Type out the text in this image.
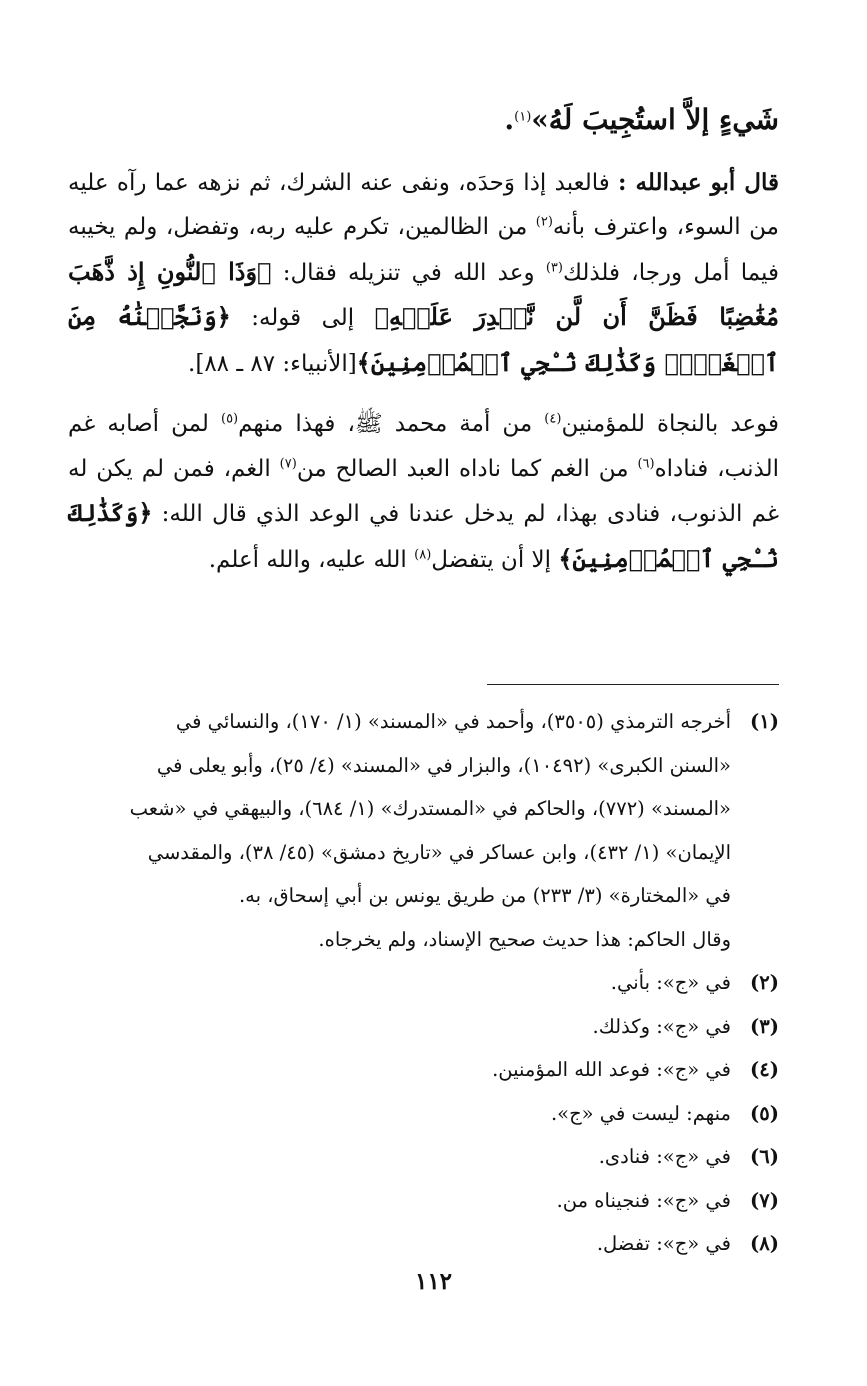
شَيءٍ إلاَّ استُجِيبَ لَهُ»$^{(١)}$.

قال أبو عبدالله : فالعبد إذا وَحدَه، ونفى عنه الشرك، ثم نزهه عما رآه عليه من السوء، واعترف بأنه$^{(٢)}$ من الظالمين، تكرم عليه ربه، وتفضل، ولم يخيبه فيما أمل ورجا، فلذلك$^{(٣)}$ وعد الله في تنزيله فقال: ﴿وَذَا ٱلنُّونِ إِذ ذَّهَبَ مُغَٰضِبًا فَظَنَّ أَن لَّن نَّقۡدِرَ عَلَيۡهِ﴾ إلى قوله: ﴿وَنَجَّيۡنَٰهُ مِنَ ٱلۡغَمِّۚ وَكَذَٰلِكَ نُـۨجِي ٱلۡمُؤۡمِنِينَ﴾[الأنبياء: ٨٧ ـ ٨٨].

فوعد بالنجاة للمؤمنين$^{(٤)}$ من أمة محمد ﷺ، فهذا منهم$^{(٥)}$ لمن أصابه غم الذنب، فناداه$^{(٦)}$ من الغم كما ناداه العبد الصالح من$^{(٧)}$ الغم، فمن لم يكن له غم الذنوب، فنادى بهذا، لم يدخل عندنا في الوعد الذي قال الله: ﴿وَكَذَٰلِكَ نُـۨجِي ٱلۡمُؤۡمِنِينَ﴾ إلا أن يتفضل$^{(٨)}$ الله عليه، والله أعلم.

(١)
أخرجه الترمذي (٣٥٠٥)، وأحمد في «المسند» (١/ ١٧٠)، والنسائي في
«السنن الكبرى» (١٠٤٩٢)، والبزار في «المسند» (٤/ ٢٥)، وأبو يعلى في
«المسند» (٧٧٢)، والحاكم في «المستدرك» (١/ ٦٨٤)، والبيهقي في «شعب
الإيمان» (١/ ٤٣٢)، وابن عساكر في «تاريخ دمشق» (٤٥/ ٣٨)، والمقدسي
في «المختارة» (٣/ ٢٣٣) من طريق يونس بن أبي إسحاق، به.
وقال الحاكم: هذا حديث صحيح الإسناد، ولم يخرجاه.
(٢)
في «ج»: بأني.
(٣)
في «ج»: وكذلك.
(٤)
في «ج»: فوعد الله المؤمنين.
(٥)
منهم: ليست في «ج».
(٦)
في «ج»: فنادى.
(٧)
في «ج»: فنجيناه من.
(٨)
في «ج»: تفضل.
١١٢
